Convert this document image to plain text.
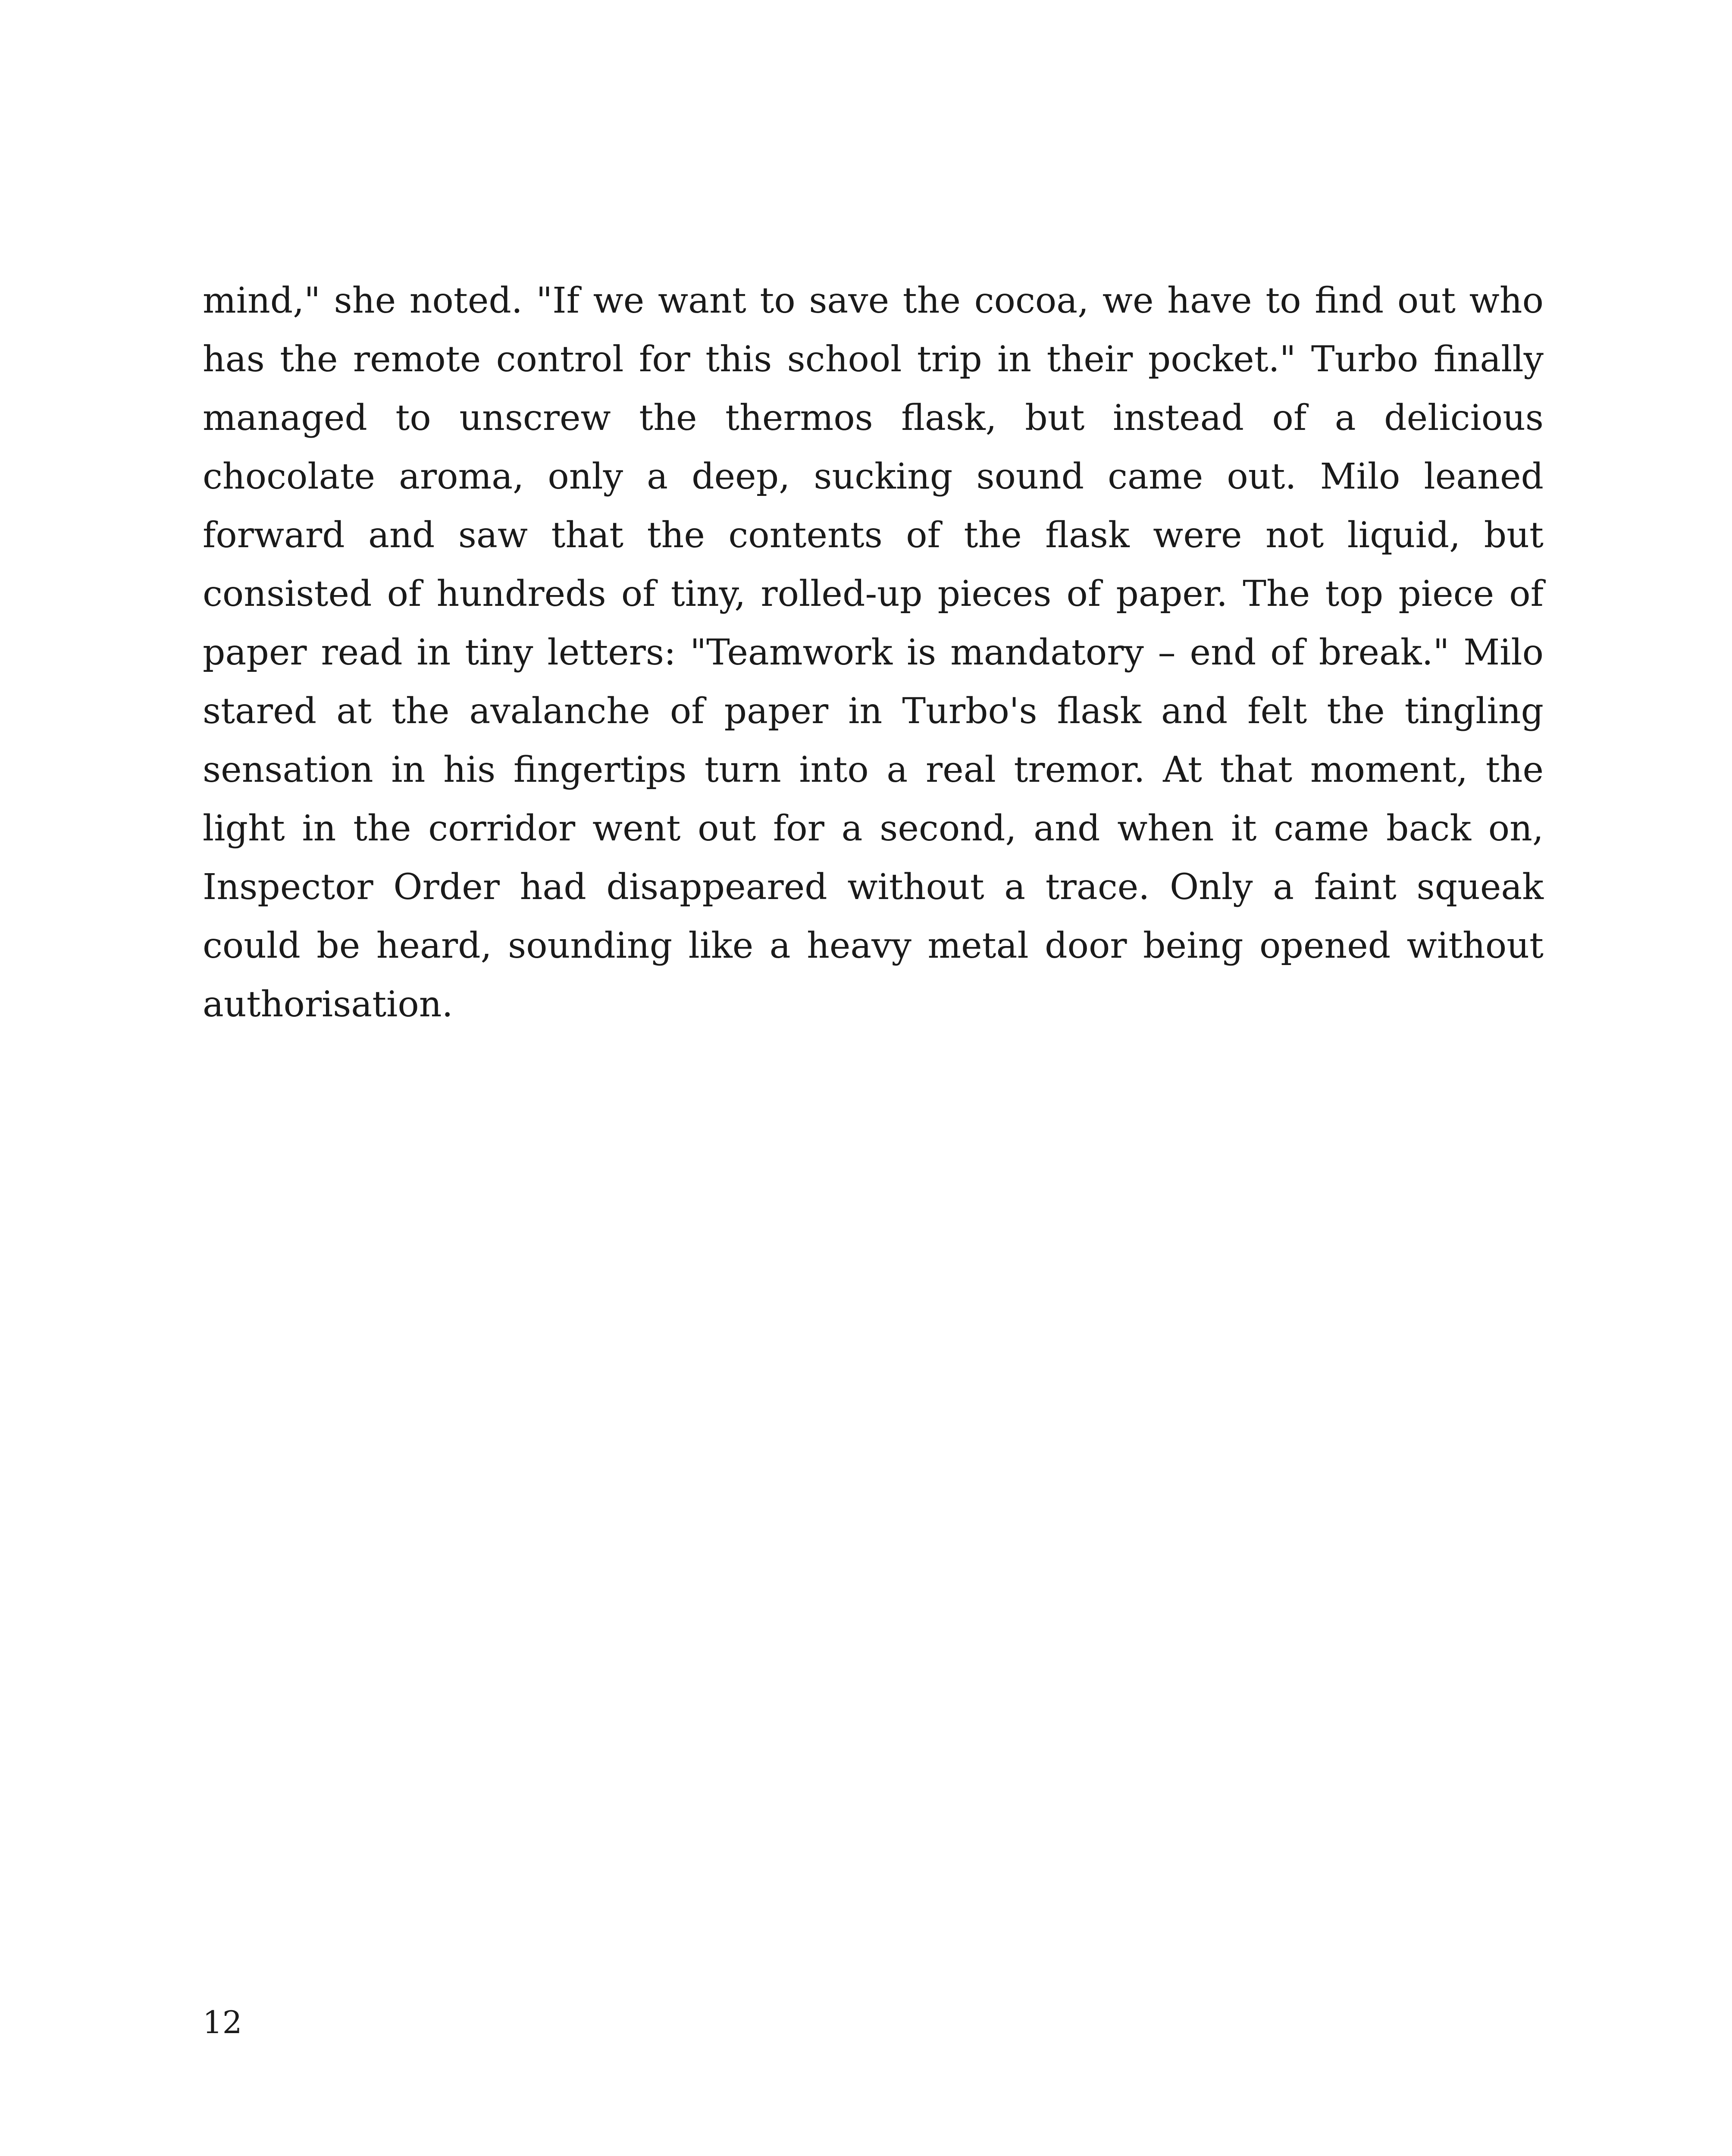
mind," she noted. "If we want to save the cocoa, we have to find out who has the remote control for this school trip in their pocket." Turbo finally managed to unscrew the thermos flask, but instead of a delicious chocolate aroma, only a deep, sucking sound came out. Milo leaned forward and saw that the contents of the flask were not liquid, but consisted of hundreds of tiny, rolled-up pieces of paper. The top piece of paper read in tiny letters: "Teamwork is mandatory – end of break." Milo stared at the avalanche of paper in Turbo's flask and felt the tingling sensation in his fingertips turn into a real tremor. At that moment, the light in the corridor went out for a second, and when it came back on, Inspector Order had disappeared without a trace. Only a faint squeak could be heard, sounding like a heavy metal door being opened without authorisation.

12
